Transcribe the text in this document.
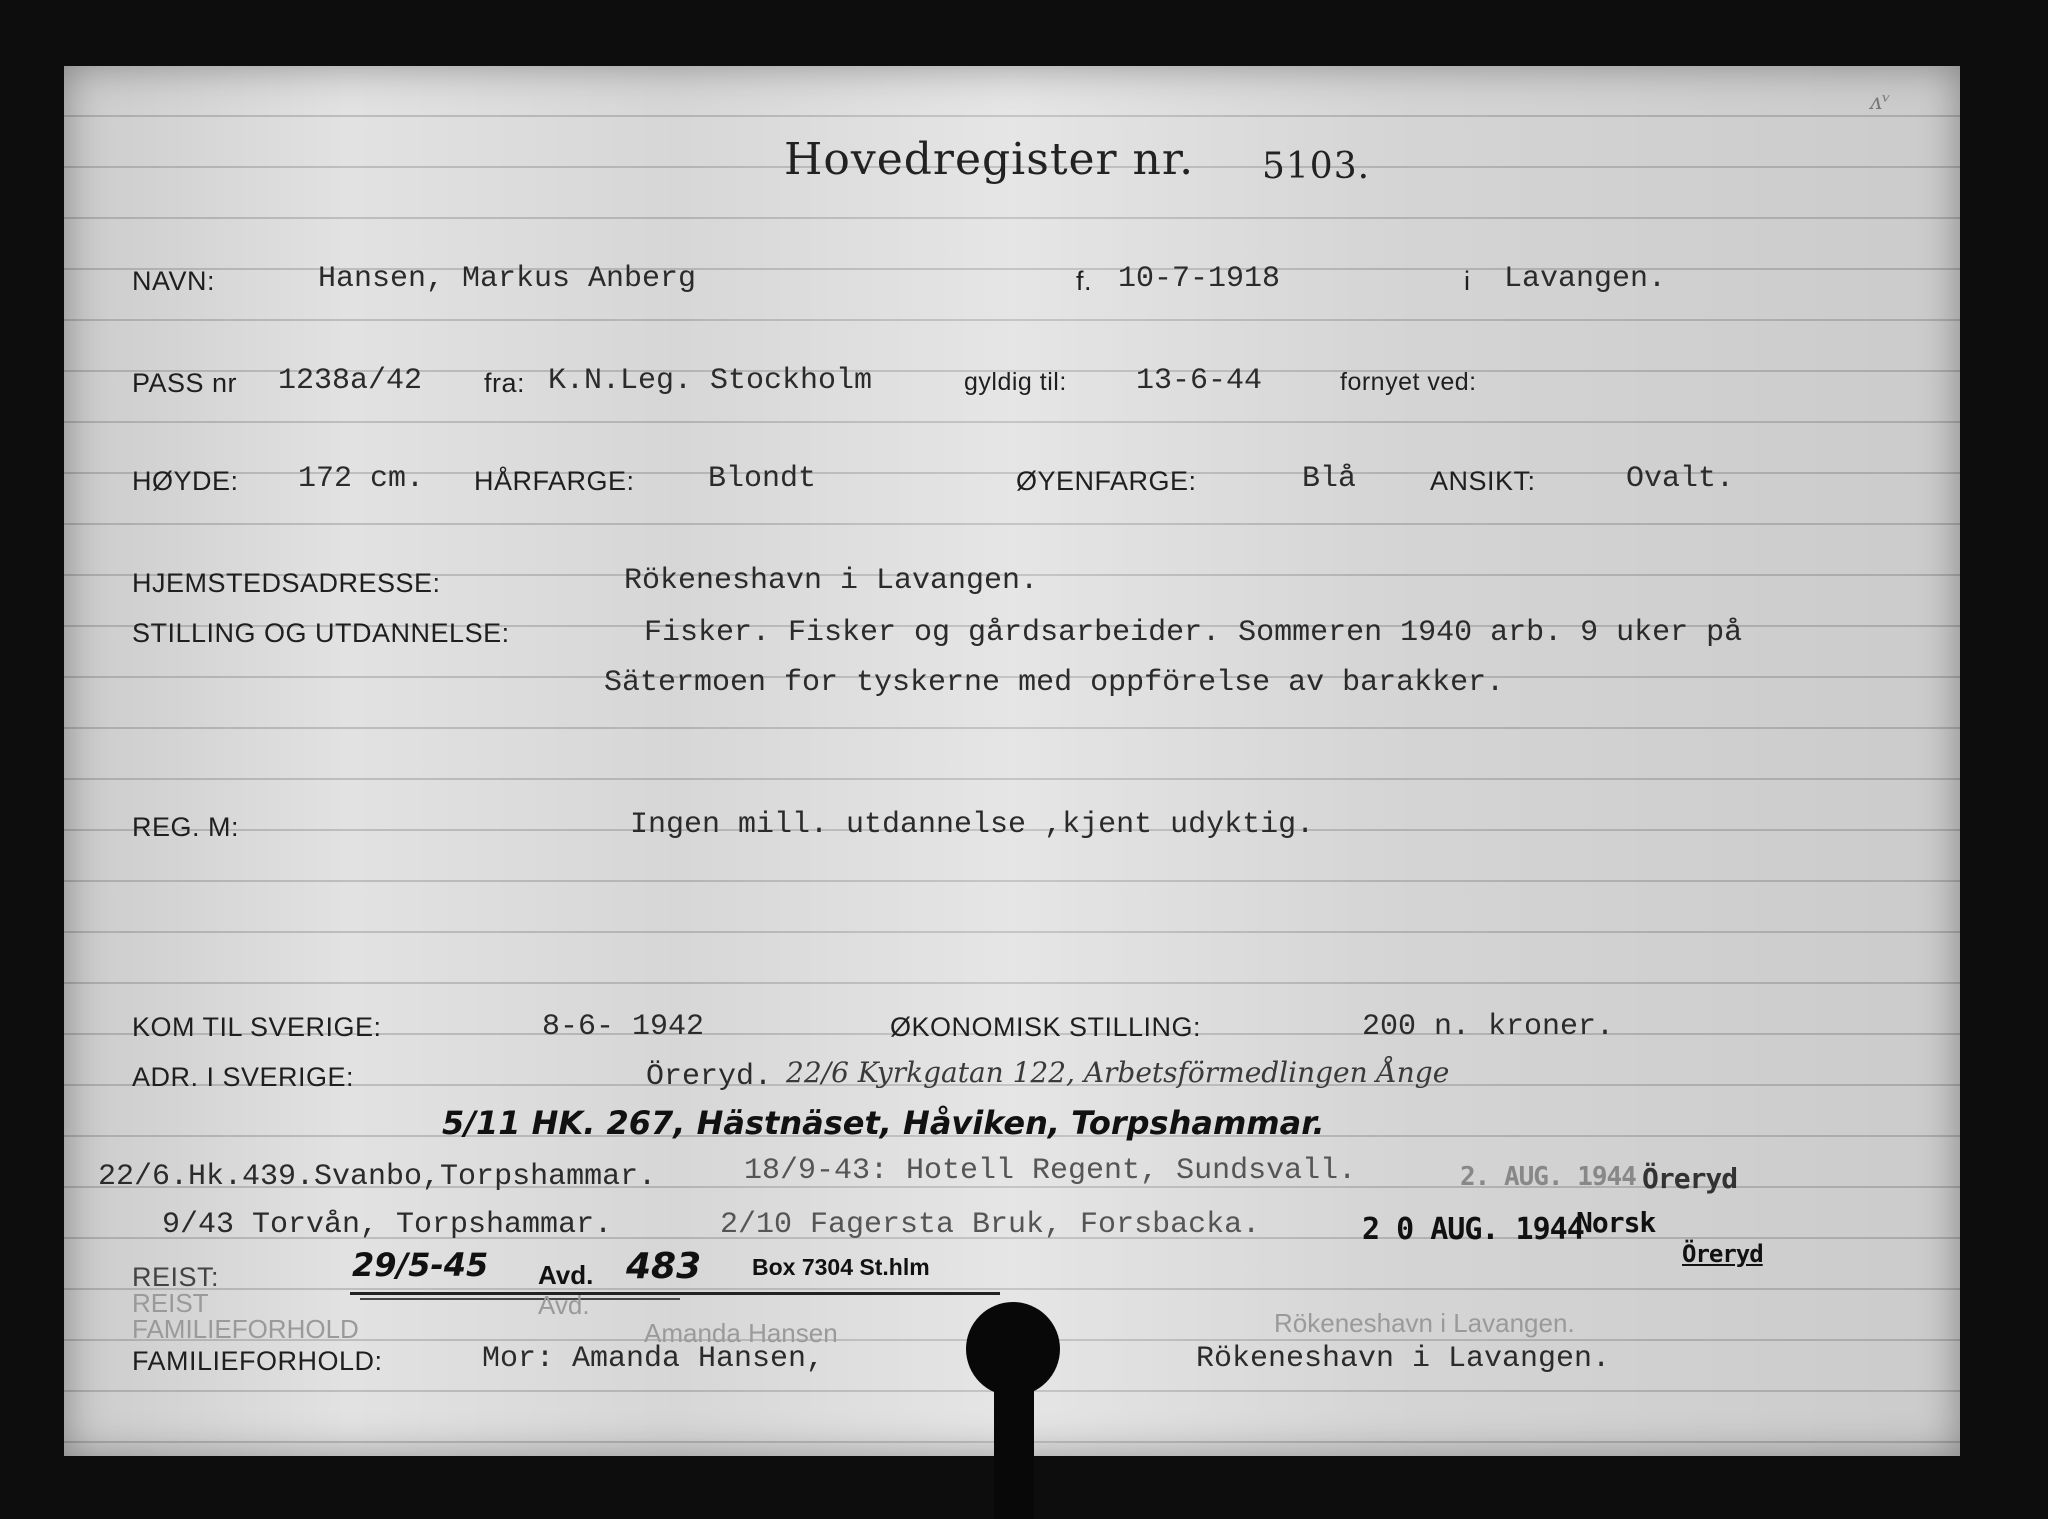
ᴧᵛ
Hovedregister nr. 5103.
NAVN:	Hansen, Markus Anberg	f. 10-7-1918	i Lavangen.
PASS nr 1238a/42 fra: K.N.Leg. Stockholm	gyldig til: 13-6-44	fornyet ved:
HØYDE: 172 cm. HÅRFARGE: Blondt	ØYENFARGE:	Blå	ANSIKT:	Ovalt.
HJEMSTEDSADRESSE:	Rökeneshavn i Lavangen.
STILLING OG UTDANNELSE:	Fisker. Fisker og gårdsarbeider. Sommeren 1940 arb. 9 uker på
Sätermoen for tyskerne med oppförelse av barakker.
REG. M:	Ingen mill. utdannelse ,kjent udyktig.
KOM TIL SVERIGE:	8-6- 1942	ØKONOMISK STILLING:	200 n. kroner.
ADR. I SVERIGE:	Öreryd. 22/6 Kyrkgatan 122, Arbetsförmedlingen Ånge
5/11 HK. 267, Hästnäset, Håviken, Torpshammar.
22/6.Hk.439.Svanbo,Torpshammar.	18/9-43: Hotell Regent, Sundsvall.	2. AUG. 1944 Öreryd
9/43 Torvån, Torpshammar.	2/10 Fagersta Bruk, Forsbacka.	2 0 AUG. 1944
Norsk
REIST:	29/5-45 Avd. 483 Box 7304 St.hlm	Öreryd
REIST
FAMILIEFORHOLD
Avd.
Amanda Hansen	Rökeneshavn i Lavangen.
FAMILIEFORHOLD:	Mor: Amanda Hansen,	Rökeneshavn i Lavangen.
